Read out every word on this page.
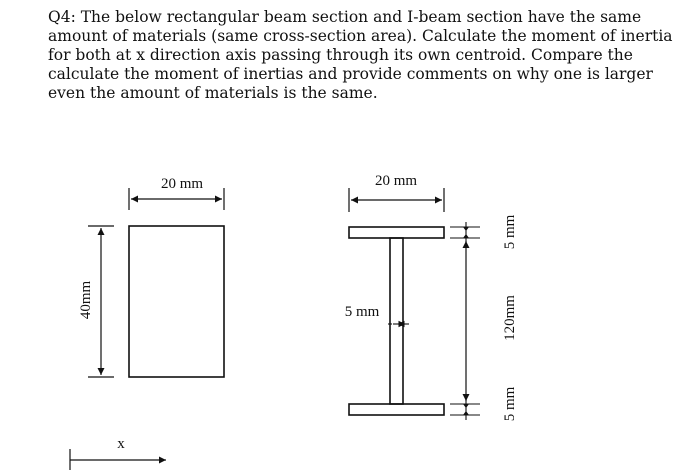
Q4: The below rectangular beam section and I-beam section have the same amount of materials (same cross-section area). Calculate the moment of inertia for both at x direction axis passing through its own centroid. Compare the calculate the moment of inertias and provide comments on why one is larger even the amount of materials is the same.

20 mm
40mm
20 mm
5 mm
5 mm
120mm
5 mm
x
